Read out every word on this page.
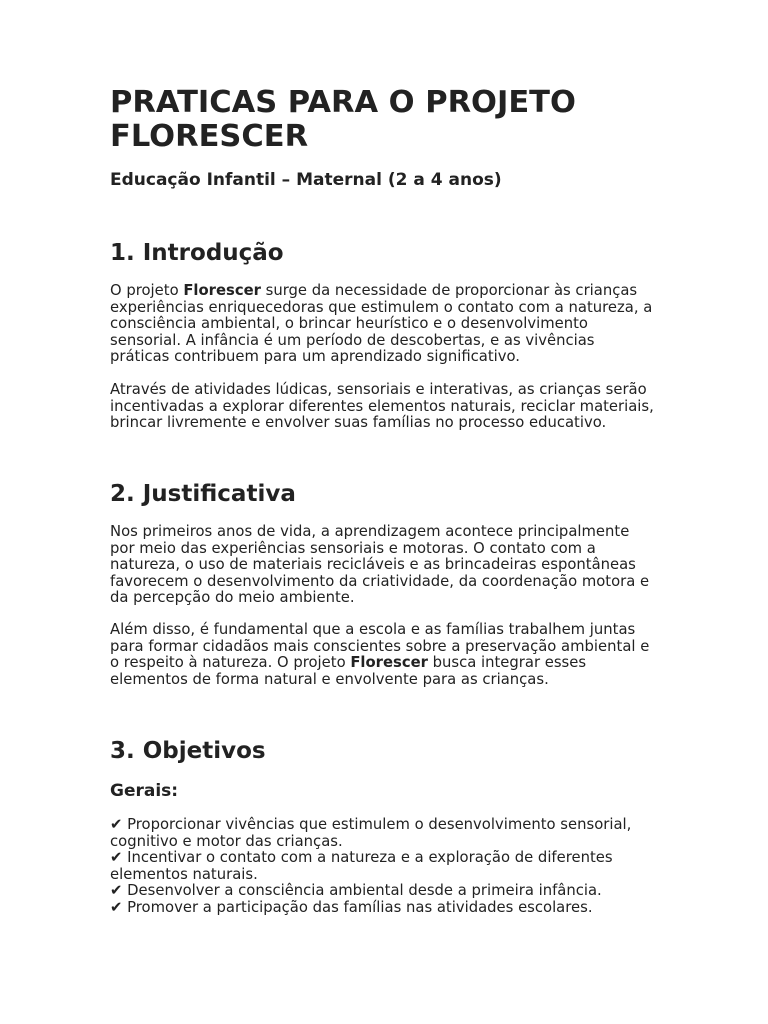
PRATICAS PARA O PROJETO
FLORESCER
Educação Infantil – Maternal (2 a 4 anos)
1. Introdução
O projeto Florescer surge da necessidade de proporcionar às crianças
experiências enriquecedoras que estimulem o contato com a natureza, a
consciência ambiental, o brincar heurístico e o desenvolvimento
sensorial. A infância é um período de descobertas, e as vivências
práticas contribuem para um aprendizado significativo.
Através de atividades lúdicas, sensoriais e interativas, as crianças serão
incentivadas a explorar diferentes elementos naturais, reciclar materiais,
brincar livremente e envolver suas famílias no processo educativo.
2. Justificativa
Nos primeiros anos de vida, a aprendizagem acontece principalmente
por meio das experiências sensoriais e motoras. O contato com a
natureza, o uso de materiais recicláveis e as brincadeiras espontâneas
favorecem o desenvolvimento da criatividade, da coordenação motora e
da percepção do meio ambiente.
Além disso, é fundamental que a escola e as famílias trabalhem juntas
para formar cidadãos mais conscientes sobre a preservação ambiental e
o respeito à natureza. O projeto Florescer busca integrar esses
elementos de forma natural e envolvente para as crianças.
3. Objetivos
Gerais:
✔ Proporcionar vivências que estimulem o desenvolvimento sensorial,
cognitivo e motor das crianças.
✔ Incentivar o contato com a natureza e a exploração de diferentes
elementos naturais.
✔ Desenvolver a consciência ambiental desde a primeira infância.
✔ Promover a participação das famílias nas atividades escolares.
